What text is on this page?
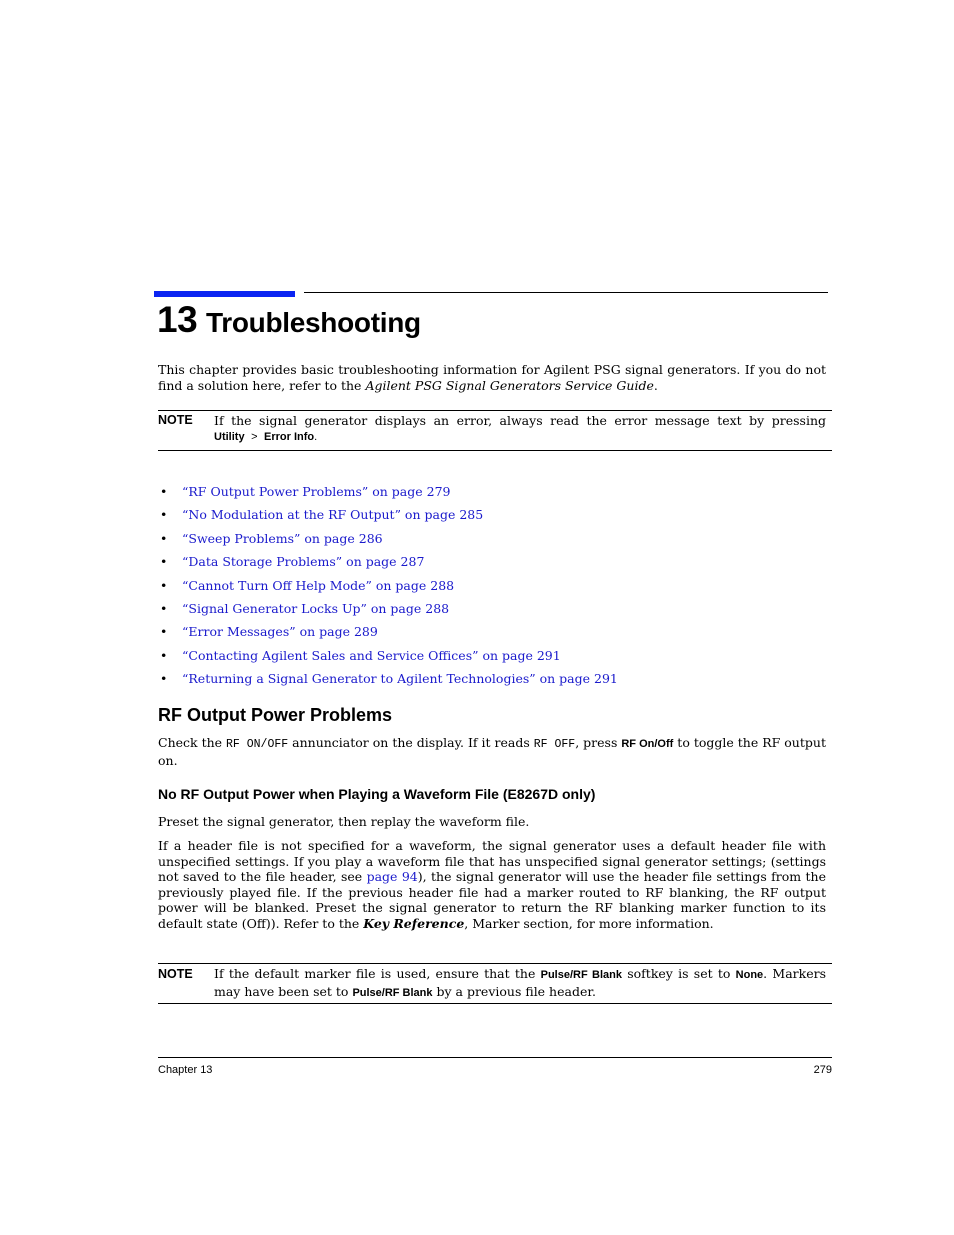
13 Troubleshooting
This chapter provides basic troubleshooting information for Agilent PSG signal generators. If you do not find a solution here, refer to the Agilent PSG Signal Generators Service Guide.
NOTE If the signal generator displays an error, always read the error message text by pressing
Utility > Error Info.
• “RF Output Power Problems” on page 279
• “No Modulation at the RF Output” on page 285
• “Sweep Problems” on page 286
• “Data Storage Problems” on page 287
• “Cannot Turn Off Help Mode” on page 288
• “Signal Generator Locks Up” on page 288
• “Error Messages” on page 289
• “Contacting Agilent Sales and Service Offices” on page 291
• “Returning a Signal Generator to Agilent Technologies” on page 291
RF Output Power Problems
Check the RF ON/OFF annunciator on the display. If it reads RF OFF, press RF On/Off to toggle the RF output on.
No RF Output Power when Playing a Waveform File (E8267D only)
Preset the signal generator, then replay the waveform file.
If a header file is not specified for a waveform, the signal generator uses a default header file with unspecified settings. If you play a waveform file that has unspecified signal generator settings; (settings not saved to the file header, see page 94), the signal generator will use the header file settings from the previously played file. If the previous header file had a marker routed to RF blanking, the RF output power will be blanked. Preset the signal generator to return the RF blanking marker function to its default state (Off)). Refer to the Key Reference, Marker section, for more information.
NOTE If the default marker file is used, ensure that the Pulse/RF Blank softkey is set to None. Markers may have been set to Pulse/RF Blank by a previous file header.
Chapter 13	279
